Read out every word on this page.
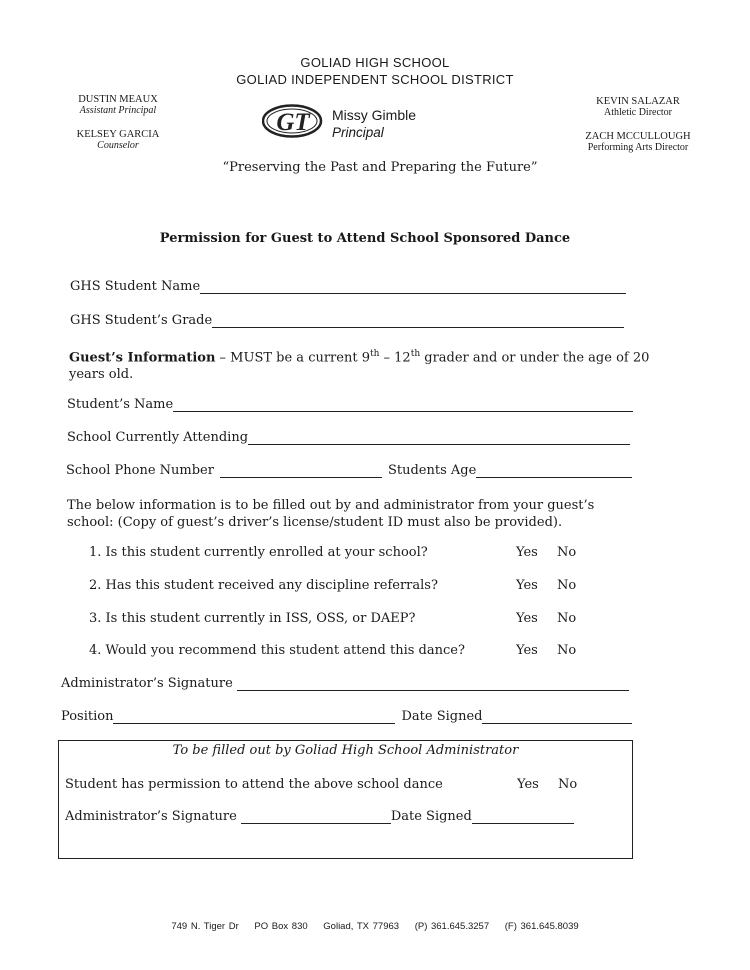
GOLIAD HIGH SCHOOL
GOLIAD INDEPENDENT SCHOOL DISTRICT
DUSTIN MEAUX
Assistant Principal
KELSEY GARCIA
Counselor
KEVIN SALAZAR
Athletic Director
ZACH MCCULLOUGH
Performing Arts Director
GT Missy Gimble
Principal
“Preserving the Past and Preparing the Future”
Permission for Guest to Attend School Sponsored Dance
GHS Student Name
GHS Student’s Grade
Guest’s Information – MUST be a current 9th – 12th grader and or under the age of 20 years old.
Student’s Name
School Currently Attending
School Phone Number	Students Age
The below information is to be filled out by and administrator from your guest’s school: (Copy of guest’s driver’s license/student ID must also be provided).
1. Is this student currently enrolled at your school?	Yes No
2. Has this student received any discipline referrals?	Yes No
3. Is this student currently in ISS, OSS, or DAEP?	Yes No
4. Would you recommend this student attend this dance?	Yes No
Administrator’s Signature
Position	Date Signed
To be filled out by Goliad High School Administrator
Student has permission to attend the above school dance	Yes No
Administrator’s Signature	Date Signed
749 N. Tiger Dr PO Box 830 Goliad, TX 77963 (P) 361.645.3257 (F) 361.645.8039
